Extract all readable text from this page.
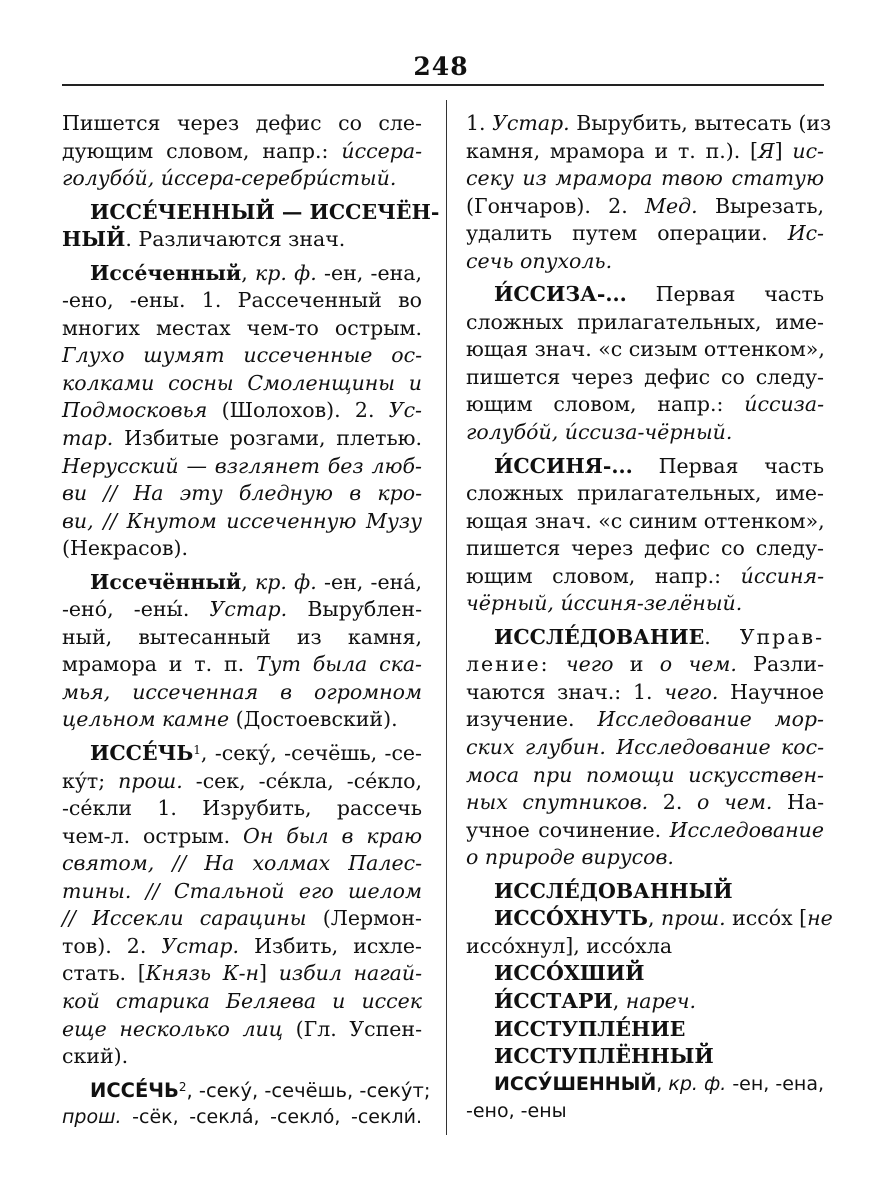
248
Пишется через дефис со сле-
дующим словом, напр.: и́ссера-
голубо́й, и́ссера-серебри́стый.
ИССЕ́ЧЕННЫЙ — ИССЕЧЁН-
НЫЙ. Различаются знач.
Иссе́ченный, кр. ф. -ен, -ена,
-ено, -ены. 1. Рассеченный во
многих местах чем-то острым.
Глухо шумят иссеченные ос-
колками сосны Смоленщины и
Подмосковья (Шолохов). 2. Ус-
тар. Избитые розгами, плетью.
Нерусский — взглянет без люб-
ви // На эту бледную в кро-
ви, // Кнутом иссеченную Музу
(Некрасов).
Иссечённый, кр. ф. -ен, -ена́,
-ено́, -ены́. Устар. Вырублен-
ный, вытесанный из камня,
мрамора и т. п. Тут была ска-
мья, иссеченная в огромном
цельном камне (Достоевский).
$ИССЕ́ЧЬ^1$, -секу́, -сечёшь, -се-
ку́т; прош. -сек, -се́кла, -се́кло,
-се́кли 1. Изрубить, рассечь
чем-л. острым. Он был в краю
святом, // На холмах Палес-
тины. // Стальной его шелом
// Иссекли сарацины (Лермон-
тов). 2. Устар. Избить, исхле-
стать. [Князь К-н] избил нагай-
кой старика Беляева и иссек
еще несколько лиц (Гл. Успен-
ский).
$ИССЕ́ЧЬ^2$, -секу́, -сечёшь, -секу́т;
прош. -сёк, -секла́, -секло́, -секли́.
1. Устар. Вырубить, вытесать (из
камня, мрамора и т. п.). [Я] ис-
секу из мрамора твою статую
(Гончаров). 2. Мед. Вырезать,
удалить путем операции. Ис-
сечь опухоль.
И́ССИЗА-... Первая часть
сложных прилагательных, име-
ющая знач. «с сизым оттенком»,
пишется через дефис со следу-
ющим словом, напр.: и́ссиза-
голубо́й, и́ссиза-чёрный.
И́ССИНЯ-... Первая часть
сложных прилагательных, име-
ющая знач. «с синим оттенком»,
пишется через дефис со следу-
ющим словом, напр.: и́ссиня-
чёрный, и́ссиня-зелёный.
ИССЛЕ́ДОВАНИЕ. Управ-
ление: чего и о чем. Разли-
чаются знач.: 1. чего. Научное
изучение. Исследование мор-
ских глубин. Исследование кос-
моса при помощи искусствен-
ных спутников. 2. о чем. На-
учное сочинение. Исследование
о природе вирусов.
ИССЛЕ́ДОВАННЫЙ
ИССО́ХНУТЬ, прош. иссо́х [не
иссо́хнул], иссо́хла
ИССО́ХШИЙ
И́ССТАРИ, нареч.
ИССТУПЛЕ́НИЕ
ИССТУПЛЁННЫЙ
ИССУ́ШЕННЫЙ, кр. ф. -ен, -ена,
-ено, -ены
